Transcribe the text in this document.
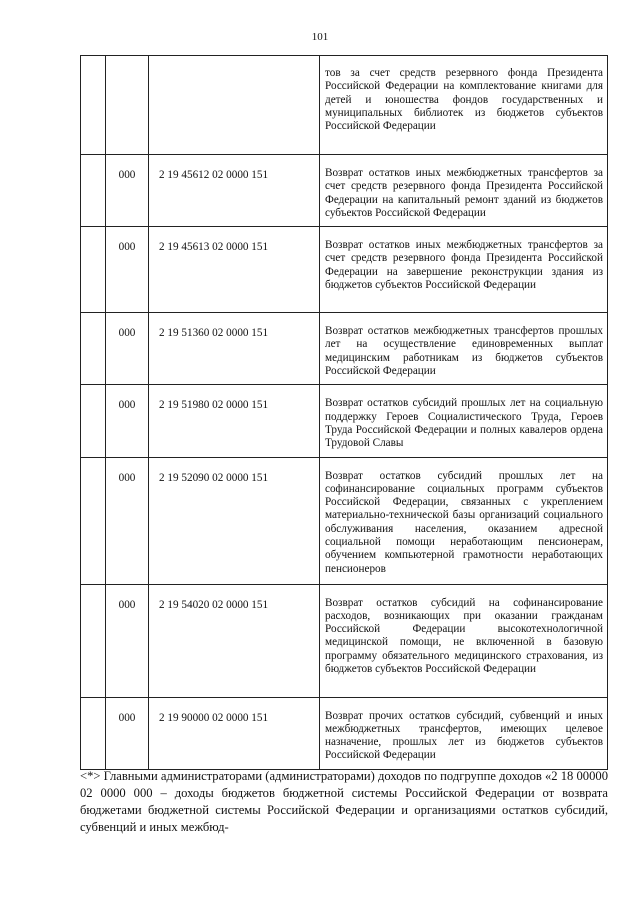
101
			тов за счет средств резервного фонда Президента Российской Федерации на комплектование книгами для детей и юношества фондов государственных и муниципальных библиотек из бюджетов субъектов Российской Федерации
	000	2 19 45612 02 0000 151	Возврат остатков иных межбюджетных трансфертов за счет средств резервного фонда Президента Российской Федерации на капитальный ремонт зданий из бюджетов субъектов Российской Федерации
	000	2 19 45613 02 0000 151	Возврат остатков иных межбюджетных трансфертов за счет средств резервного фонда Президента Российской Федерации на завершение реконструкции здания из бюджетов субъектов Российской Федерации
	000	2 19 51360 02 0000 151	Возврат остатков межбюджетных трансфертов прошлых лет на осуществление единовременных выплат медицинским работникам из бюджетов субъектов Российской Федерации
	000	2 19 51980 02 0000 151	Возврат остатков субсидий прошлых лет на социальную поддержку Героев Социалистического Труда, Героев Труда Российской Федерации и полных кавалеров ордена Трудовой Славы
	000	2 19 52090 02 0000 151	Возврат остатков субсидий прошлых лет на софинансирование социальных программ субъектов Российской Федерации, связанных с укреплением материально-технической базы организаций социального обслуживания населения, оказанием адресной социальной помощи неработающим пенсионерам, обучением компьютерной грамотности неработающих пенсионеров
	000	2 19 54020 02 0000 151	Возврат остатков субсидий на софинансирование расходов, возникающих при оказании гражданам Российской Федерации высокотехнологичной медицинской помощи, не включенной в базовую программу обязательного медицинского страхования, из бюджетов субъектов Российской Федерации
	000	2 19 90000 02 0000 151	Возврат прочих остатков субсидий, субвенций и иных межбюджетных трансфертов, имеющих целевое назначение, прошлых лет из бюджетов субъектов Российской Федерации
<*> Главными администраторами (администраторами) доходов по подгруппе доходов «2 18 00000 02 0000 000 – доходы бюджетов бюджетной системы Российской Федерации от возврата бюджетами бюджетной системы Российской Федерации и организациями остатков субсидий, субвенций и иных межбюд-
